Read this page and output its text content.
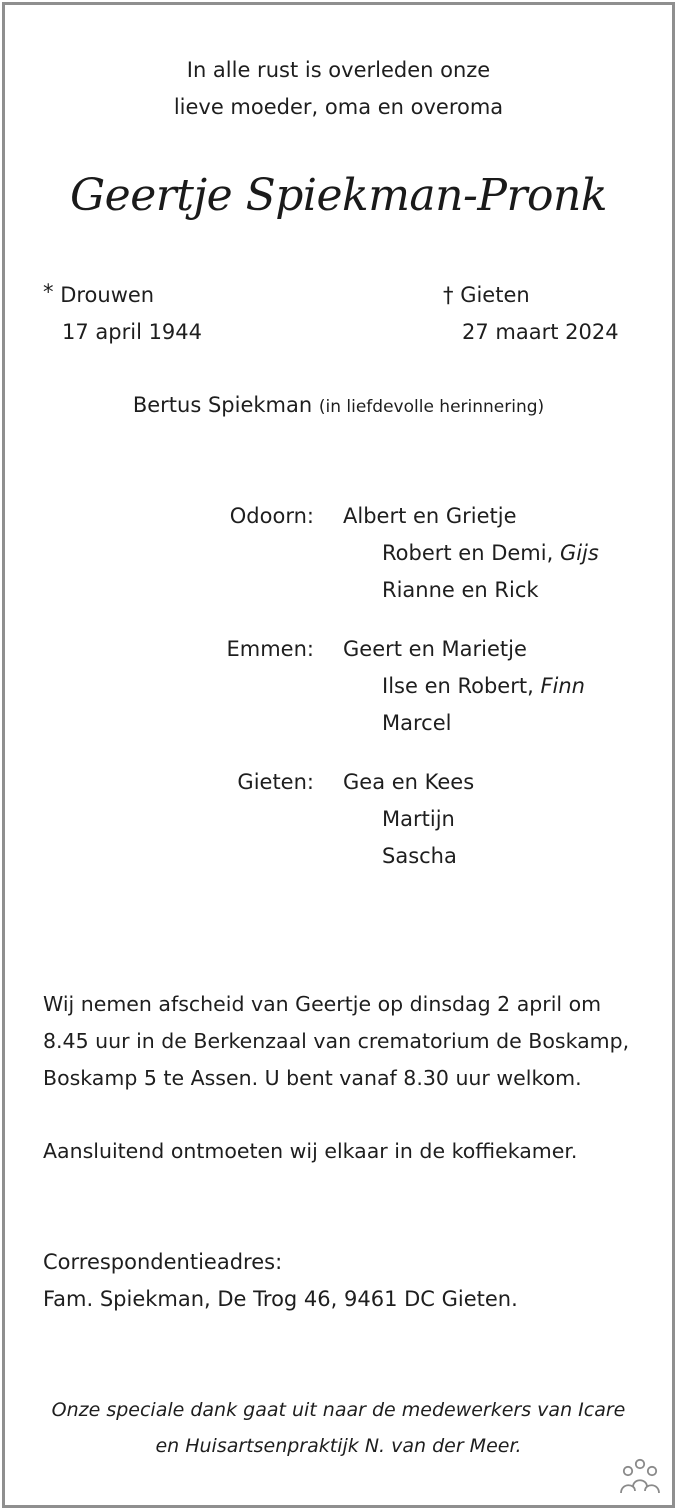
In alle rust is overleden onze
lieve moeder, oma en overoma
Geertje Spiekman-Pronk
* Drouwen
17 april 1944
† Gieten
27 maart 2024
Bertus Spiekman (in liefdevolle herinnering)
Odoorn: Albert en Grietje
Robert en Demi, Gijs
Rianne en Rick
Emmen: Geert en Marietje
Ilse en Robert, Finn
Marcel
Gieten: Gea en Kees
Martijn
Sascha
Wij nemen afscheid van Geertje op dinsdag 2 april om
8.45 uur in de Berkenzaal van crematorium de Boskamp,
Boskamp 5 te Assen. U bent vanaf 8.30 uur welkom.
Aansluitend ontmoeten wij elkaar in de koffiekamer.
Correspondentieadres:
Fam. Spiekman, De Trog 46, 9461 DC Gieten.
Onze speciale dank gaat uit naar de medewerkers van Icare
en Huisartsenpraktijk N. van der Meer.
